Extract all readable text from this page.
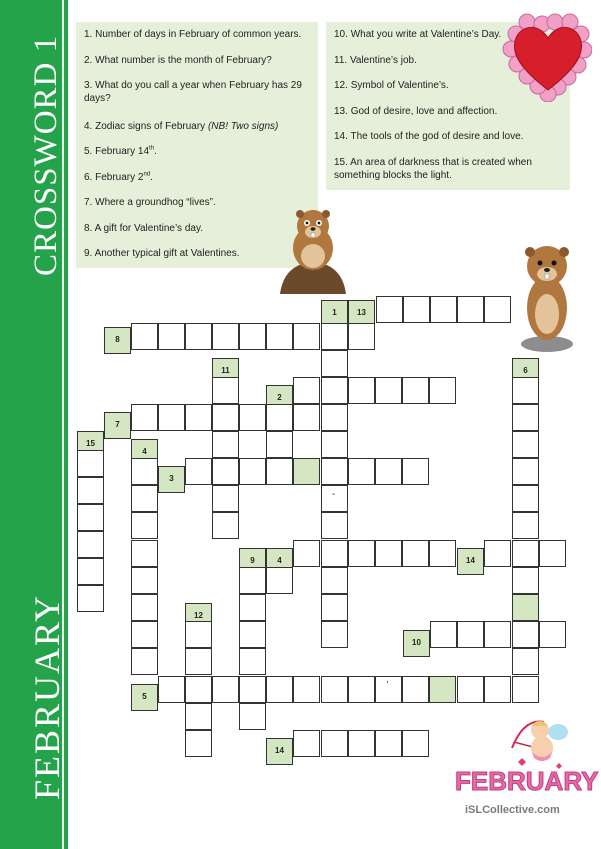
CROSSWORD 1
FEBRUARY
1. Number of days in February of common years.
2. What number is the month of February?
3. What do you call a year when February has 29 days?
4. Zodiac signs of February (NB! Two signs)
5. February 14th.
6. February 2nd.
7. Where a groundhog “lives”.
8. A gift for Valentine’s day.
9. Another typical gift at Valentines.
10. What you write at Valentine’s Day.
11. Valentine’s job.
12. Symbol of Valentine’s.
13. God of desire, love and affection.
14. The tools of the god of desire and love.
15. An area of darkness that is created when something blocks the light.
1	13
8
-
11	6
2
7
15
4
3
9	4	14
12
10
5
,
14
FEBRUARY
iSLCollective.com
